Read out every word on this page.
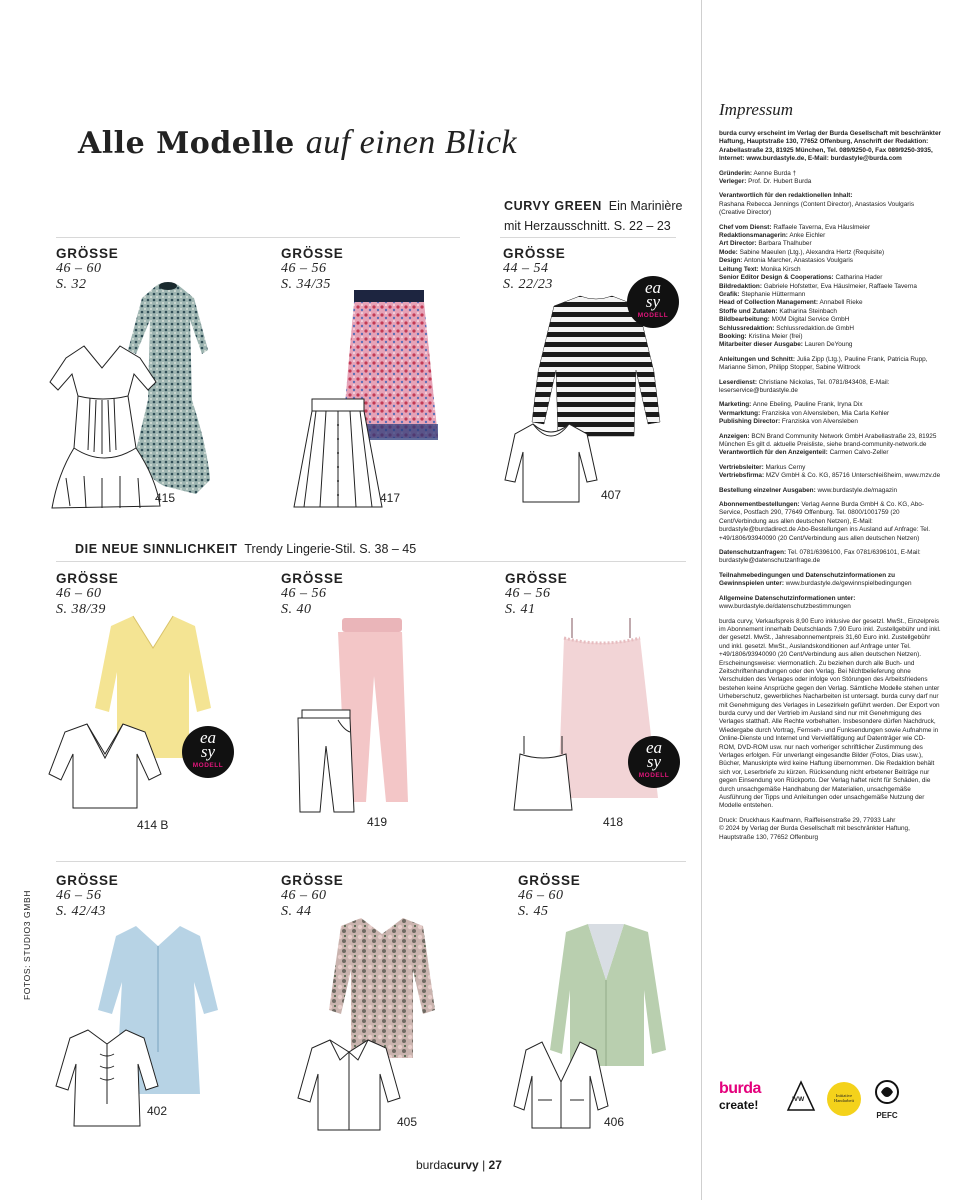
Alle Modelle auf einen Blick
CURVY GREEN Ein Marinière
mit Herzausschnitt. S. 22 – 23
DIE NEUE SINNLICHKEIT Trendy Lingerie-Stil. S. 38 – 45
GRÖSSE
46 – 60
S. 32
415
GRÖSSE
46 – 56
S. 34/35
417
GRÖSSE
44 – 54
S. 22/23
407
ea
sy
MODELL
GRÖSSE
46 – 60
S. 38/39
414 B
ea
sy
MODELL
GRÖSSE
46 – 56
S. 40
419
GRÖSSE
46 – 56
S. 41
418
ea
sy
MODELL
GRÖSSE
46 – 56
S. 42/43
402
GRÖSSE
46 – 60
S. 44
405
GRÖSSE
46 – 60
S. 45
406
FOTOS: STUDIO3 GMBH
Impressum

burda curvy erscheint im Verlag der Burda Gesellschaft mit beschränkter Haftung, Hauptstraße 130, 77652 Offenburg, Anschrift der Redaktion: Arabellastraße 23, 81925 München, Tel. 089/9250-0, Fax 089/9250-3935, Internet: www.burdastyle.de, E-Mail: burdastyle@burda.com

Gründerin: Aenne Burda †
Verleger: Prof. Dr. Hubert Burda

Verantwortlich für den redaktionellen Inhalt:
Rashana Rebecca Jennings (Content Director), Anastasios Voulgaris (Creative Director)

Chef vom Dienst: Raffaele Taverna, Eva Häuslmeier
Redaktionsmanagerin: Anke Eichler
Art Director: Barbara Thalhuber
Mode: Sabine Maeulen (Ltg.), Alexandra Hertz (Requisite)
Design: Antonia Marcher, Anastasios Voulgaris
Leitung Text: Monika Kirsch
Senior Editor Design & Cooperations: Catharina Hader
Bildredaktion: Gabriele Hofstetter, Eva Häuslmeier, Raffaele Taverna
Grafik: Stephanie Hüttermann
Head of Collection Management: Annabell Rieke
Stoffe und Zutaten: Katharina Steinbach
Bildbearbeitung: MXM Digital Service GmbH
Schlussredaktion: Schlussredaktion.de GmbH
Booking: Kristina Meier (frei)
Mitarbeiter dieser Ausgabe: Lauren DeYoung

Anleitungen und Schnitt: Julia Zipp (Ltg.), Pauline Frank, Patricia Rupp, Marianne Simon, Philipp Stopper, Sabine Wittrock

Leserdienst: Christiane Nickolas, Tel. 0781/843408, E-Mail: leserservice@burdastyle.de

Marketing: Anne Ebeling, Pauline Frank, Iryna Dix
Vermarktung: Franziska von Alvensleben, Mia Carla Kehler
Publishing Director: Franziska von Alvensleben

Anzeigen: BCN Brand Community Network GmbH Arabellastraße 23, 81925 München Es gilt d. aktuelle Preisliste, siehe brand-community-network.de
Verantwortlich für den Anzeigenteil: Carmen Calvo-Zeller

Vertriebsleiter: Markus Cerny
Vertriebsfirma: MZV GmbH & Co. KG, 85716 Unterschleißheim, www.mzv.de

Bestellung einzelner Ausgaben: www.burdastyle.de/magazin

Abonnementbestellungen: Verlag Aenne Burda GmbH & Co. KG, Abo-Service, Postfach 290, 77649 Offenburg. Tel. 0800/1001759 (20 Cent/Verbindung aus allen deutschen Netzen), E-Mail: burdastyle@burdadirect.de Abo-Bestellungen ins Ausland auf Anfrage: Tel. +49/1806/93940090 (20 Cent/Verbindung aus allen deutschen Netzen)

Datenschutzanfragen: Tel. 0781/6396100, Fax 0781/6396101, E-Mail: burdastyle@datenschutzanfrage.de

Teilnahmebedingungen und Datenschutzinformationen zu Gewinnspielen unter: www.burdastyle.de/gewinnspielbedingungen

Allgemeine Datenschutzinformationen unter: www.burdastyle.de/datenschutzbestimmungen

burda curvy, Verkaufspreis 8,90 Euro inklusive der gesetzl. MwSt., Einzelpreis im Abonnement innerhalb Deutschlands 7,90 Euro inkl. Zustellgebühr und inkl. der gesetzl. MwSt., Jahresabonnementpreis 31,60 Euro inkl. Zustellgebühr und inkl. gesetzl. MwSt., Auslandskonditionen auf Anfrage unter Tel. +49/1806/93940090 (20 Cent/Verbindung aus allen deutschen Netzen). Erscheinungsweise: viermonatlich. Zu beziehen durch alle Buch- und Zeitschriftenhandlungen oder den Verlag. Bei Nichtbelieferung ohne Verschulden des Verlages oder infolge von Störungen des Arbeitsfriedens bestehen keine Ansprüche gegen den Verlag. Sämtliche Modelle stehen unter Urheberschutz, gewerbliches Nacharbeiten ist untersagt. burda curvy darf nur mit Genehmigung des Verlages in Lesezirkeln geführt werden. Der Export von burda curvy und der Vertrieb im Ausland sind nur mit Genehmigung des Verlages statthaft. Alle Rechte vorbehalten. Insbesondere dürfen Nachdruck, Wiedergabe durch Vortrag, Fernseh- und Funksendungen sowie Aufnahme in Online-Dienste und Internet und Vervielfältigung auf Datenträger wie CD-ROM, DVD-ROM usw. nur nach vorheriger schriftlicher Zustimmung des Verlages erfolgen. Für unverlangt eingesandte Bilder (Fotos, Dias usw.), Bücher, Manuskripte wird keine Haftung übernommen. Die Redaktion behält sich vor, Leserbriefe zu kürzen. Rücksendung nicht erbetener Beiträge nur gegen Einsendung von Rückporto. Der Verlag haftet nicht für Schäden, die durch unsachgemäße Handhabung der Materialien, unsachgemäße Ausführung der Tipps und Anleitungen oder unsachgemäße Nutzung der Modelle entstehen.

Druck: Druckhaus Kaufmann, Raiffeisenstraße 29, 77933 Lahr
© 2024 by Verlag der Burda Gesellschaft mit beschränkter Haftung, Hauptstraße 130, 77652 Offenburg

burda
create!	IVW
Initiative Handarbeit
PEFC
burdacurvy | 27
